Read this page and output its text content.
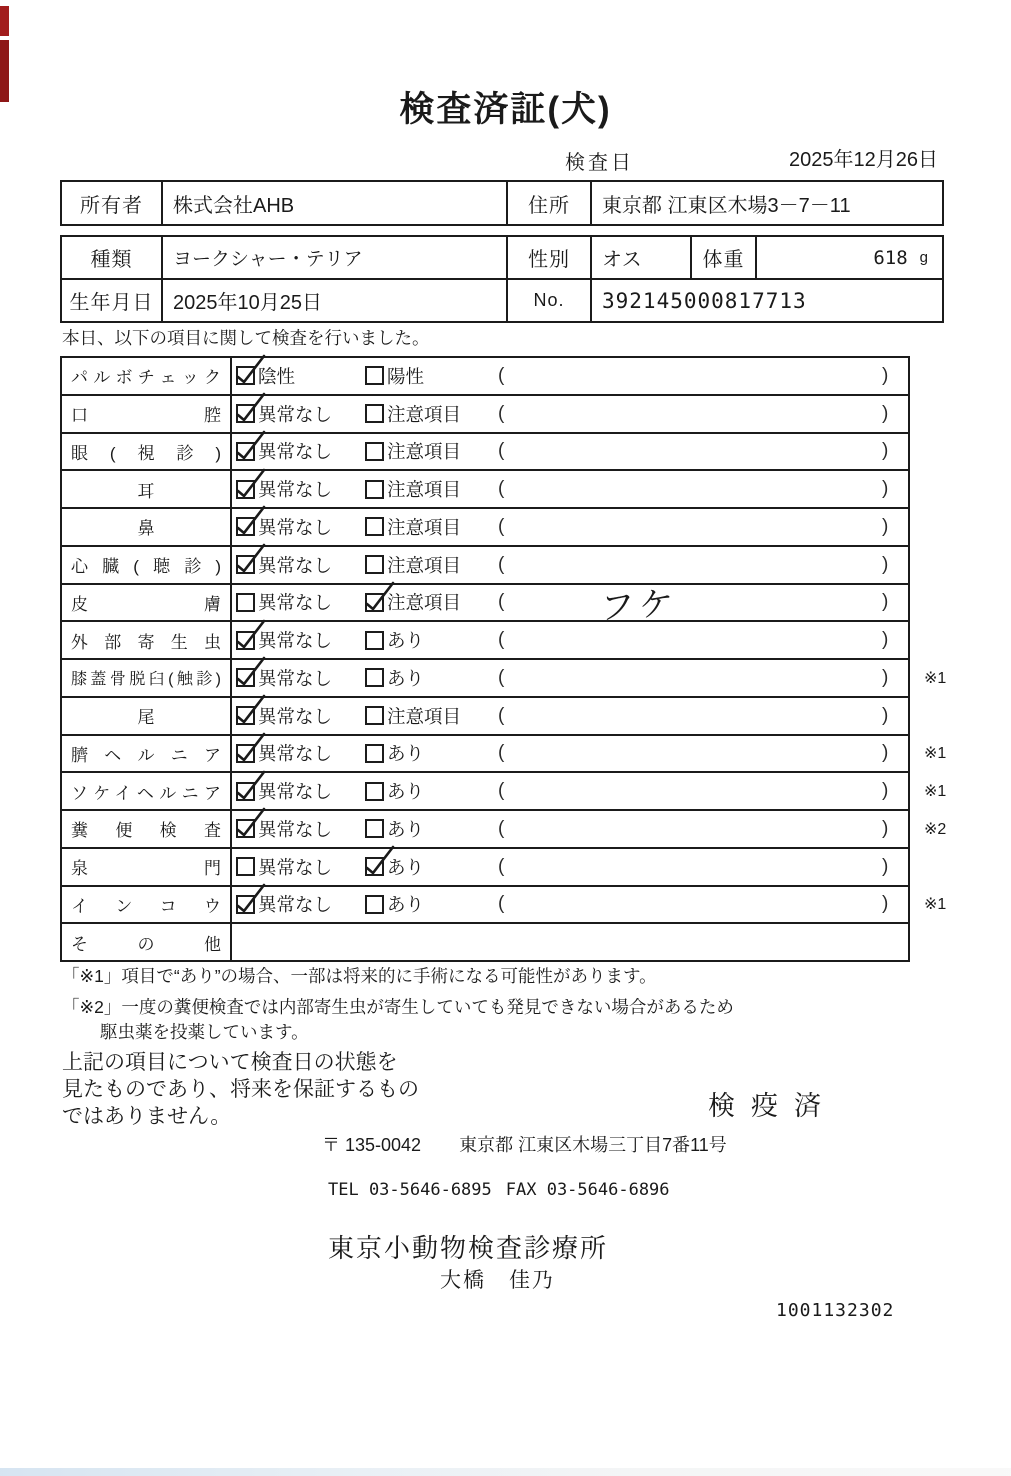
検査済証(犬)
検査日	2025年12月26日
所有者	株式会社AHB	住所	東京都 江東区木場3－7－11
種類	ヨークシャー・テリア	性別	オス	体重	618 g
生年月日 2025年10月25日	No.	392145000817713
本日、以下の項目に関して検査を行いました。
パルボチェック	陰性	陽性	(	)
口腔	異常なし	注意項目 (	)
眼(視診)	異常なし	注意項目 (	)
耳	異常なし	注意項目 (	)
鼻	異常なし	注意項目 (	)
心臓(聴診)	異常なし	注意項目 (	)
皮膚	異常なし	注意項目 (	フケ	)
外部寄生虫	異常なし	あり	(	)
膝蓋骨脱臼(触診)	異常なし	あり	(	) ※1
尾	異常なし	注意項目 (	)
臍ヘルニア	異常なし	あり	(	) ※1
ソケイヘルニア	異常なし	あり	(	) ※1
糞便検査	異常なし	あり	(	) ※2
泉門	異常なし	あり	(	)
インコウ	異常なし	あり	(	) ※1
その他
「※1」項目で“あり”の場合、一部は将来的に手術になる可能性があります。
「※2」一度の糞便検査では内部寄生虫が寄生していても発見できない場合があるため
駆虫薬を投薬しています。
上記の項目について検査日の状態を
見たものであり、将来を保証するもの
ではありません。	検疫済
〒 135-0042 東京都 江東区木場三丁目7番11号
TEL 03-5646-6895 FAX 03-5646-6896
東京小動物検査診療所
大橋　佳乃
1001132302
